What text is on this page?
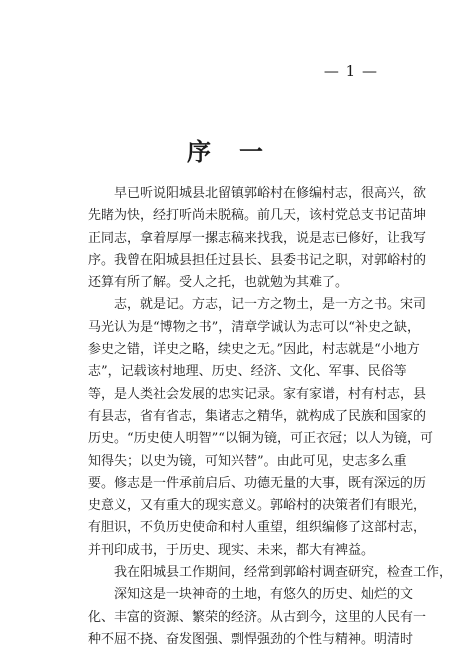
— 1 —
序一
早已听说阳城县北留镇郭峪村在修编村志，很高兴，欲
先睹为快，经打听尚未脱稿。前几天，该村党总支书记苗坤
正同志，拿着厚厚一摞志稿来找我，说是志已修好，让我写
序。我曾在阳城县担任过县长、县委书记之职，对郭峪村的
还算有所了解。受人之托，也就勉为其难了。
志，就是记。方志，记一方之物土，是一方之书。宋司
马光认为是“博物之书”，清章学诚认为志可以“补史之缺，
参史之错，详史之略，续史之无。”因此，村志就是“小地方
志”，记载该村地理、历史、经济、文化、军事、民俗等
等，是人类社会发展的忠实记录。家有家谱，村有村志，县
有县志，省有省志，集诸志之精华，就构成了民族和国家的
历史。“历史使人明智”“以铜为镜，可正衣冠；以人为镜，可
知得失；以史为镜，可知兴替”。由此可见，史志多么重
要。修志是一件承前启后、功德无量的大事，既有深远的历
史意义，又有重大的现实意义。郭峪村的决策者们有眼光，
有胆识，不负历史使命和村人重望，组织编修了这部村志，
并刊印成书，于历史、现实、未来，都大有裨益。
我在阳城县工作期间，经常到郭峪村调查研究，检查工作，
深知这是一块神奇的土地，有悠久的历史、灿烂的文
化、丰富的资源、繁荣的经济。从古到今，这里的人民有一
种不屈不挠、奋发图强、剽悍强劲的个性与精神。明清时
